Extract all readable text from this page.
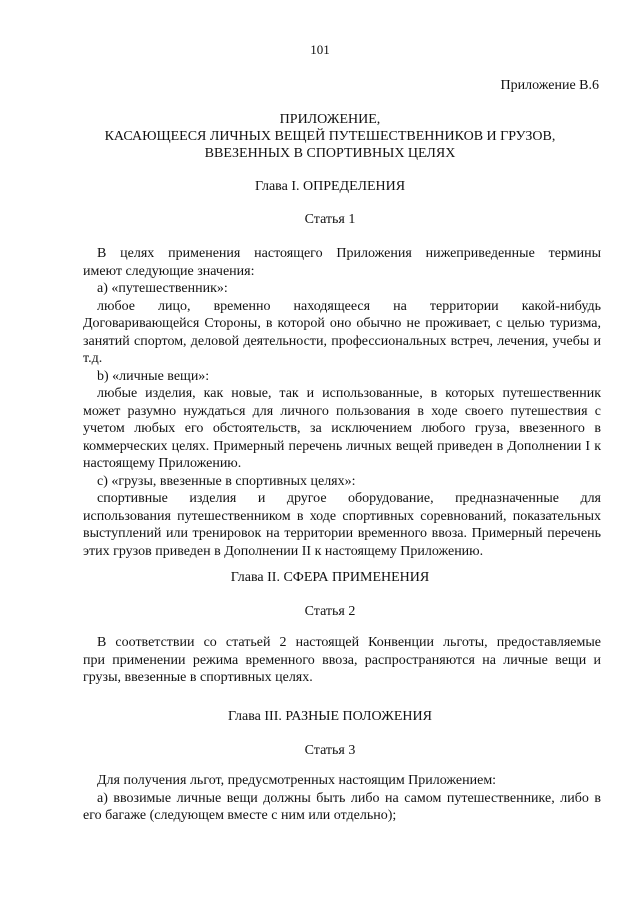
101
Приложение В.6
ПРИЛОЖЕНИЕ,
КАСАЮЩЕЕСЯ ЛИЧНЫХ ВЕЩЕЙ ПУТЕШЕСТВЕННИКОВ И ГРУЗОВ,
ВВЕЗЕННЫХ В СПОРТИВНЫХ ЦЕЛЯХ
Глава I. ОПРЕДЕЛЕНИЯ
Статья 1
В целях применения настоящего Приложения нижеприведенные термины
имеют следующие значения:
а) «путешественник»:
любое лицо, временно находящееся на территории какой-нибудь
Договаривающейся Стороны, в которой оно обычно не проживает, с целью туризма,
занятий спортом, деловой деятельности, профессиональных встреч, лечения, учебы и
т.д.
b) «личные вещи»:
любые изделия, как новые, так и использованные, в которых путешественник
может разумно нуждаться для личного пользования в ходе своего путешествия с
учетом любых его обстоятельств, за исключением любого груза, ввезенного в
коммерческих целях. Примерный перечень личных вещей приведен в Дополнении I к
настоящему Приложению.
c) «грузы, ввезенные в спортивных целях»:
спортивные изделия и другое оборудование, предназначенные для
использования путешественником в ходе спортивных соревнований, показательных
выступлений или тренировок на территории временного ввоза. Примерный перечень
этих грузов приведен в Дополнении II к настоящему Приложению.
Глава II. СФЕРА ПРИМЕНЕНИЯ
Статья 2
В соответствии со статьей 2 настоящей Конвенции льготы, предоставляемые
при применении режима временного ввоза, распространяются на личные вещи и
грузы, ввезенные в спортивных целях.
Глава III. РАЗНЫЕ ПОЛОЖЕНИЯ
Статья 3
Для получения льгот, предусмотренных настоящим Приложением:
а) ввозимые личные вещи должны быть либо на самом путешественнике, либо в
его багаже (следующем вместе с ним или отдельно);
